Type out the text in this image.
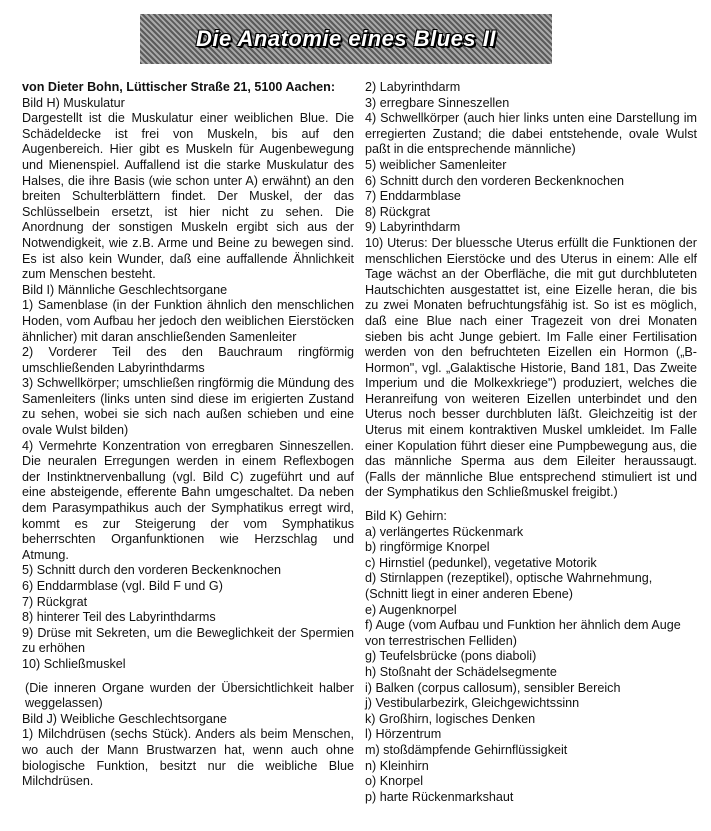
Die Anatomie eines Blues II

von Dieter Bohn, Lüttischer Straße 21, 5100 Aachen:

Bild H) Muskulatur

Dargestellt ist die Muskulatur einer weiblichen Blue. Die Schädeldecke ist frei von Muskeln, bis auf den Augenbereich. Hier gibt es Muskeln für Augenbewegung und Mienenspiel. Auffallend ist die starke Muskulatur des Halses, die ihre Basis (wie schon unter A) erwähnt) an den breiten Schulterblättern findet. Der Muskel, der das Schlüsselbein ersetzt, ist hier nicht zu sehen. Die Anordnung der sonstigen Muskeln ergibt sich aus der Notwendigkeit, wie z.B. Arme und Beine zu bewegen sind. Es ist also kein Wunder, daß eine auffallende Ähnlichkeit zum Menschen besteht.

Bild I) Männliche Geschlechtsorgane

1) Samenblase (in der Funktion ähnlich den menschlichen Hoden, vom Aufbau her jedoch den weiblichen Eierstöcken ähnlicher) mit daran anschließenden Samenleiter

2) Vorderer Teil des den Bauchraum ringförmig umschließenden Labyrinthdarms

3) Schwellkörper; umschließen ringförmig die Mündung des Samenleiters (links unten sind diese im erigierten Zustand zu sehen, wobei sie sich nach außen schieben und eine ovale Wulst bilden)

4) Vermehrte Konzentration von erregbaren Sinneszellen. Die neuralen Erregungen werden in einem Reflexbogen der Instinktnervenballung (vgl. Bild C) zugeführt und auf eine absteigende, efferente Bahn umgeschaltet. Da neben dem Parasympathikus auch der Symphatikus erregt wird, kommt es zur Steigerung der vom Symphatikus beherrschten Organfunktionen wie Herzschlag und Atmung.

5) Schnitt durch den vorderen Beckenknochen

6) Enddarmblase (vgl. Bild F und G)

7) Rückgrat

8) hinterer Teil des Labyrinthdarms

9) Drüse mit Sekreten, um die Beweglichkeit der Spermien zu erhöhen

10) Schließmuskel

(Die inneren Organe wurden der Übersichtlichkeit halber weggelassen)

Bild J) Weibliche Geschlechtsorgane

1) Milchdrüsen (sechs Stück). Anders als beim Menschen, wo auch der Mann Brustwarzen hat, wenn auch ohne biologische Funktion, besitzt nur die weibliche Blue Milchdrüsen.

2) Labyrinthdarm

3) erregbare Sinneszellen

4) Schwellkörper (auch hier links unten eine Darstellung im erregierten Zustand; die dabei entstehende, ovale Wulst paßt in die entsprechende männliche)

5) weiblicher Samenleiter

6) Schnitt durch den vorderen Beckenknochen

7) Enddarmblase

8) Rückgrat

9) Labyrinthdarm

10) Uterus: Der bluessche Uterus erfüllt die Funktionen der menschlichen Eierstöcke und des Uterus in einem: Alle elf Tage wächst an der Oberfläche, die mit gut durchbluteten Hautschichten ausgestattet ist, eine Eizelle heran, die bis zu zwei Monaten befruchtungsfähig ist. So ist es möglich, daß eine Blue nach einer Tragezeit von drei Monaten sieben bis acht Junge gebiert. Im Falle einer Fertilisation werden von den befruchteten Eizellen ein Hormon („B-Hormon", vgl. „Galaktische Historie, Band 181, Das Zweite Imperium und die Molkexkriege") produziert, welches die Heranreifung von weiteren Eizellen unterbindet und den Uterus noch besser durchbluten läßt. Gleichzeitig ist der Uterus mit einem kontraktiven Muskel umkleidet. Im Falle einer Kopulation führt dieser eine Pumpbewegung aus, die das männliche Sperma aus dem Eileiter heraussaugt. (Falls der männliche Blue entsprechend stimuliert ist und der Symphatikus den Schließmuskel freigibt.)

Bild K) Gehirn:

a) verlängertes Rückenmark

b) ringförmige Knorpel

c) Hirnstiel (pedunkel), vegetative Motorik

d) Stirnlappen (rezeptikel), optische Wahrnehmung, (Schnitt liegt in einer anderen Ebene)

e) Augenknorpel

f) Auge (vom Aufbau und Funktion her ähnlich dem Auge von terrestrischen Felliden)

g) Teufelsbrücke (pons diaboli)

h) Stoßnaht der Schädelsegmente

i) Balken (corpus callosum), sensibler Bereich

j) Vestibularbezirk, Gleichgewichtssinn

k) Großhirn, logisches Denken

l) Hörzentrum

m) stoßdämpfende Gehirnflüssigkeit

n) Kleinhirn

o) Knorpel

p) harte Rückenmarkshaut
